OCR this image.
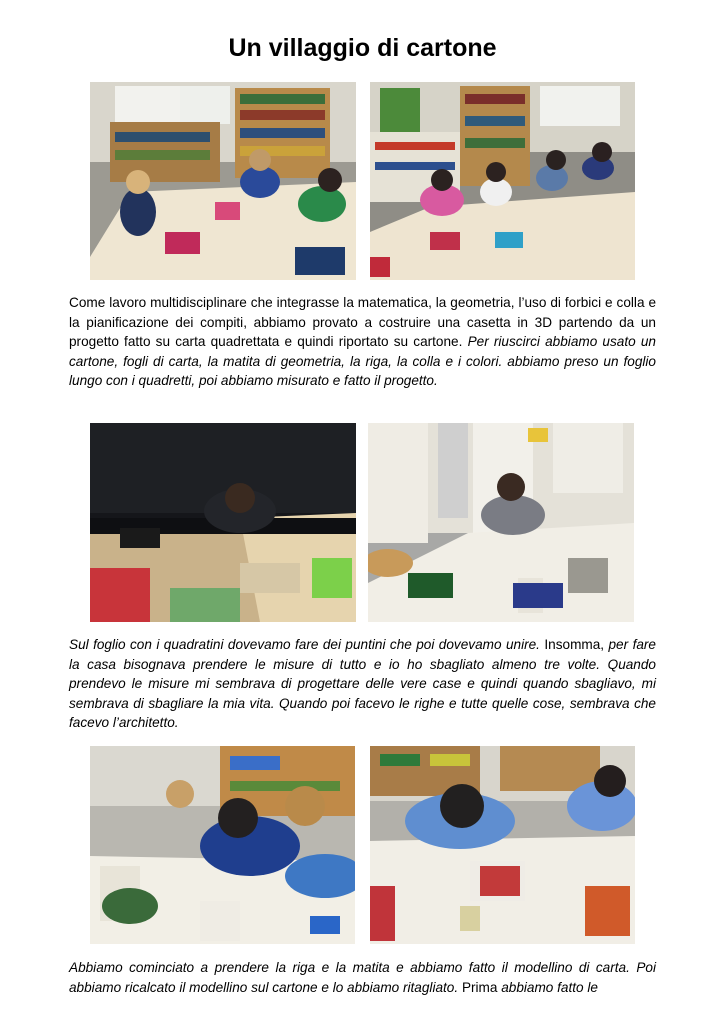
Un villaggio di cartone

Come lavoro multidisciplinare che integrasse la matematica, la geometria, l’uso di forbici e colla e la pianificazione dei compiti, abbiamo provato a costruire una casetta in 3D partendo da un progetto fatto su carta quadrettata e quindi riportato su cartone. Per riuscirci abbiamo usato un cartone, fogli di carta, la matita di geometria, la riga, la colla e i colori. abbiamo preso un foglio lungo con i quadretti, poi abbiamo misurato e fatto il progetto.

Sul foglio con i quadratini dovevamo fare dei puntini che poi dovevamo unire. Insomma, per fare la casa bisognava prendere le misure di tutto e io ho sbagliato almeno tre volte. Quando prendevo le misure mi sembrava di progettare delle vere case e quindi quando sbagliavo, mi sembrava di sbagliare la mia vita. Quando poi facevo le righe e tutte quelle cose, sembrava che facevo l’architetto.

Abbiamo cominciato a prendere la riga e la matita e abbiamo fatto il modellino di carta. Poi abbiamo ricalcato il modellino sul cartone e lo abbiamo ritagliato. Prima abbiamo fatto le
